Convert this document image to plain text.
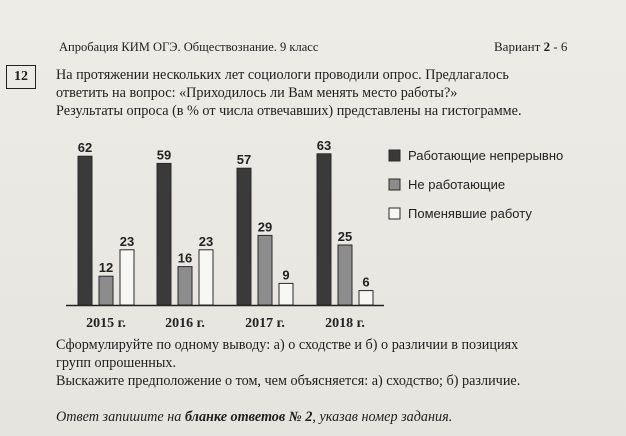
Апробация КИМ ОГЭ. Обществознание. 9 класс	Вариант 2 - 6
12	На протяжении нескольких лет социологи проводили опрос. Предлагалось
ответить на вопрос: «Приходилось ли Вам менять место работы?»
Результаты опроса (в % от числа отвечавших) представлены на гистограмме.
62
12
23
2015 г.
59
16
23
2016 г.
57
29
9
2017 г.
63
25
6
2018 г.
Работающие непрерывно
Не работающие
Поменявшие работу
Сформулируйте по одному выводу: а) о сходстве и б) о различии в позициях
групп опрошенных.
Выскажите предположение о том, чем объясняется: а) сходство; б) различие.
Ответ запишите на бланке ответов № 2, указав номер задания.
